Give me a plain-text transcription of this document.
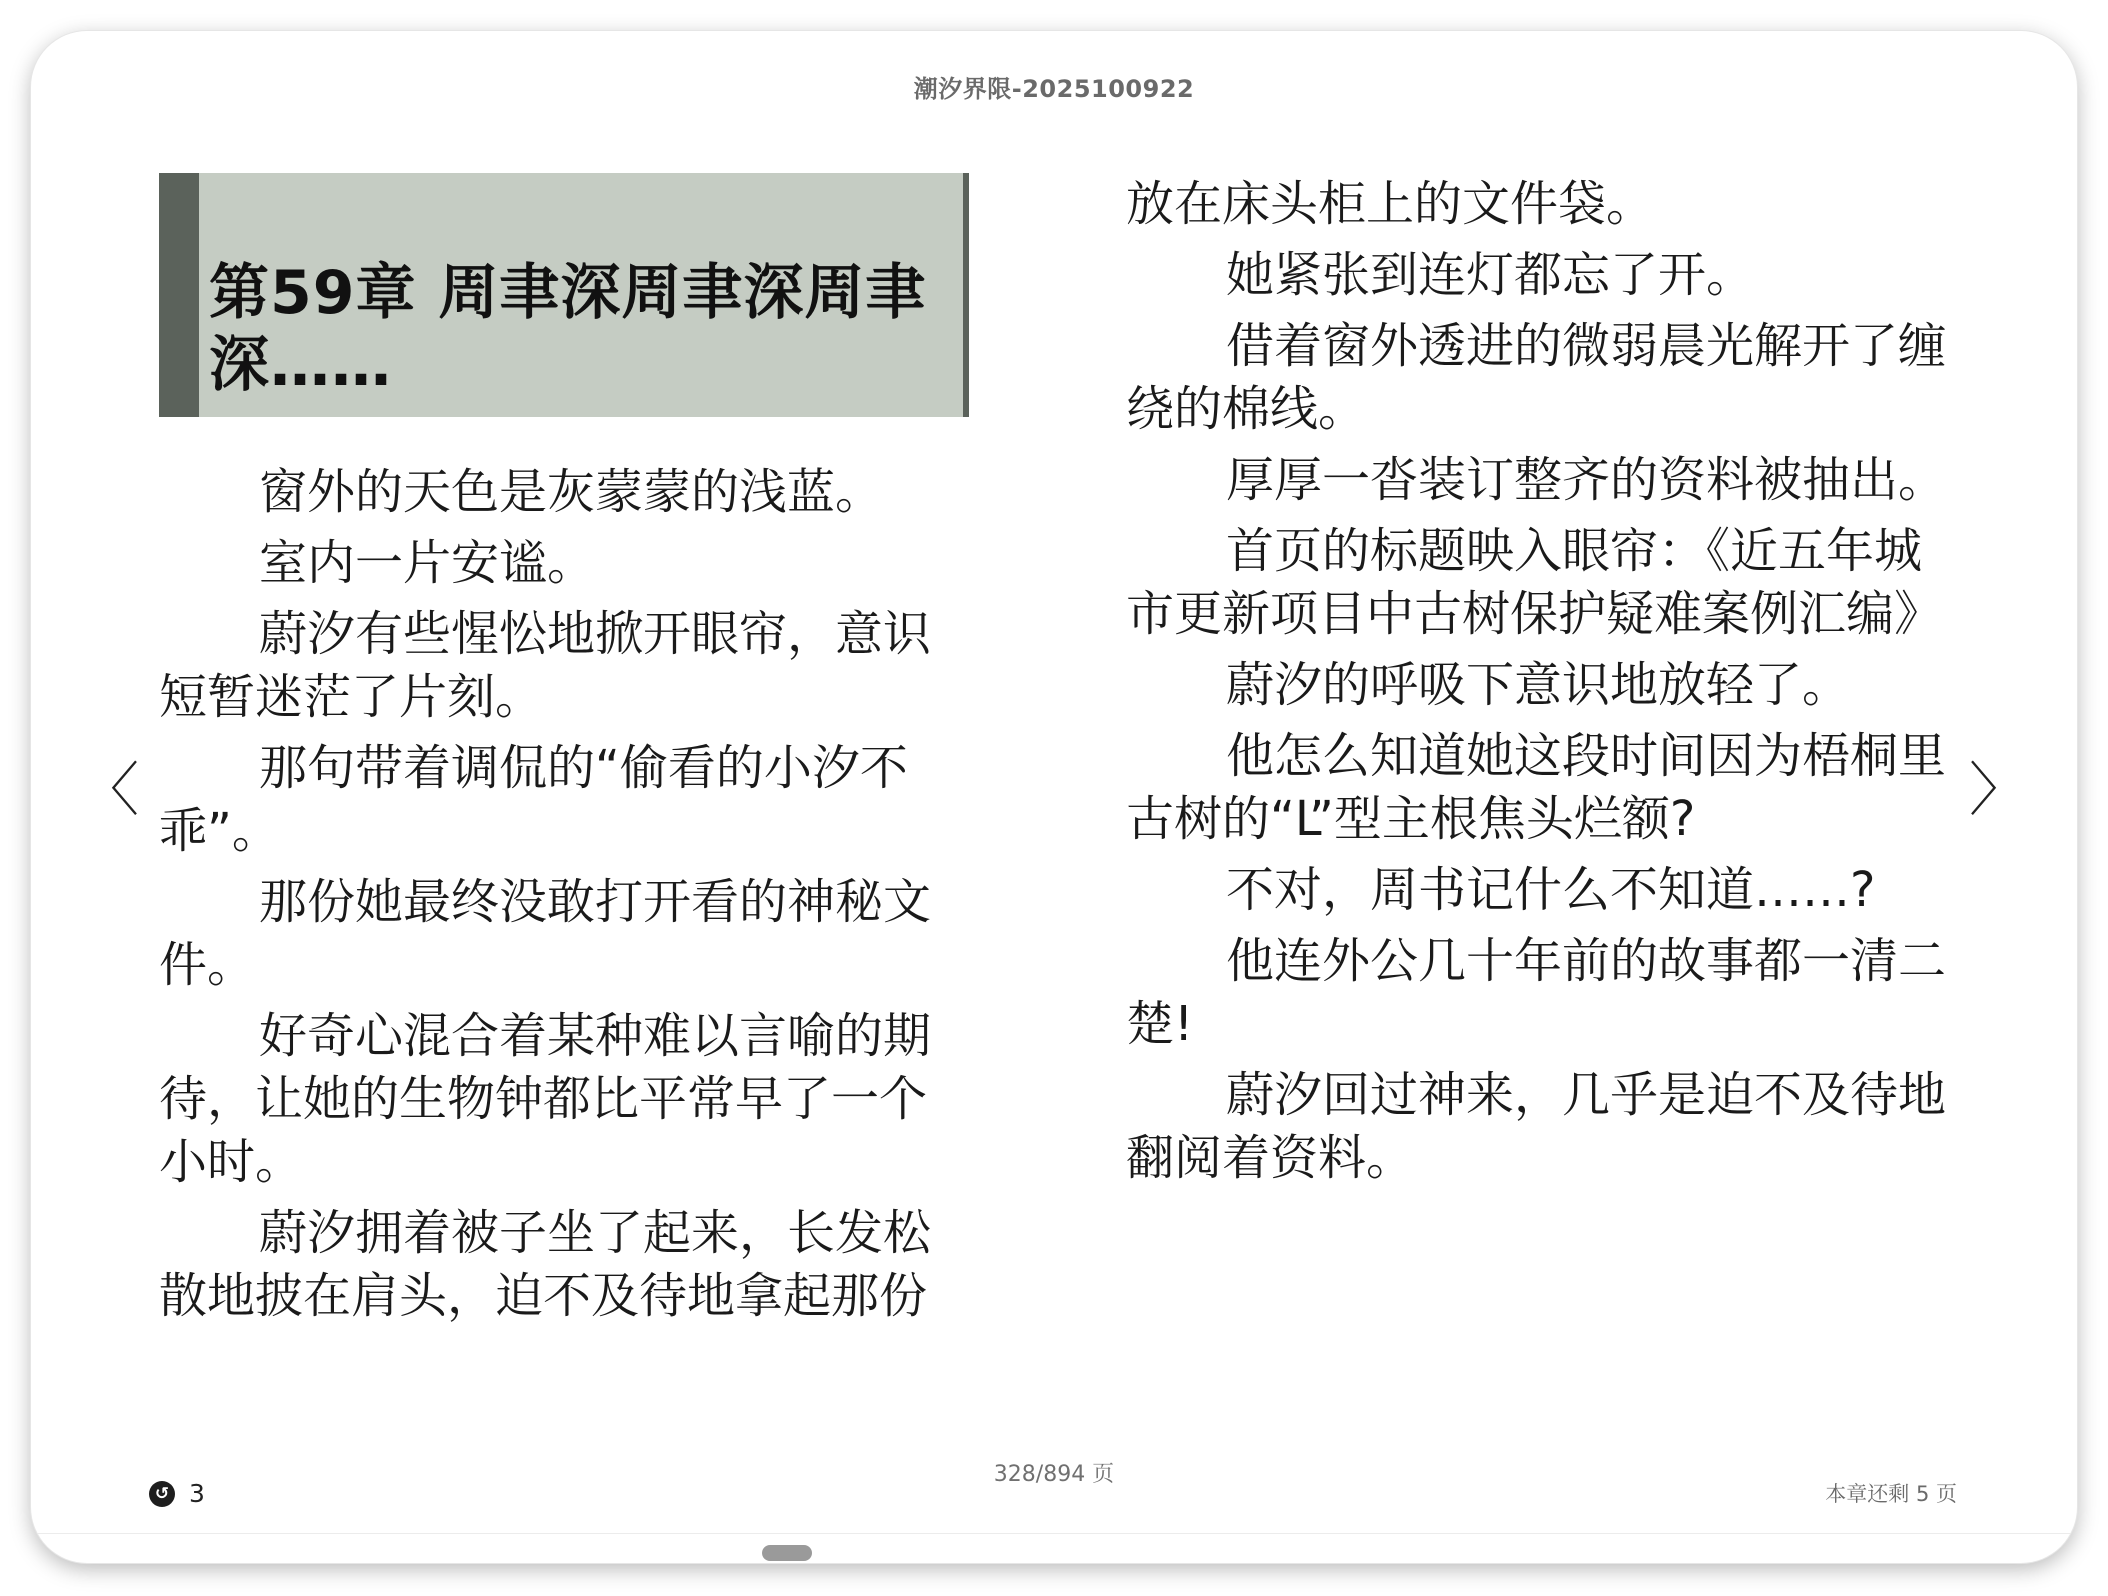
潮汐界限-2025100922
〈	〉
第59章 周聿深周聿深周聿深……

窗外的天色是灰蒙蒙的浅蓝。

室内一片安谧。

蔚汐有些惺忪地掀开眼帘，意识短暂迷茫了片刻。

那句带着调侃的“偷看的小汐不乖”。

那份她最终没敢打开看的神秘文件。

好奇心混合着某种难以言喻的期待，让她的生物钟都比平常早了一个小时。

蔚汐拥着被子坐了起来，长发松散地披在肩头，迫不及待地拿起那份

放在床头柜上的文件袋。

她紧张到连灯都忘了开。

借着窗外透进的微弱晨光解开了缠绕的棉线。

厚厚一沓装订整齐的资料被抽出。

首页的标题映入眼帘：《近五年城市更新项目中古树保护疑难案例汇编》

蔚汐的呼吸下意识地放轻了。

他怎么知道她这段时间因为梧桐里古树的“L”型主根焦头烂额?

不对，周书记什么不知道……?

他连外公几十年前的故事都一清二楚!

蔚汐回过神来，几乎是迫不及待地翻阅着资料。

↺ 3
328/894 页
本章还剩 5 页
